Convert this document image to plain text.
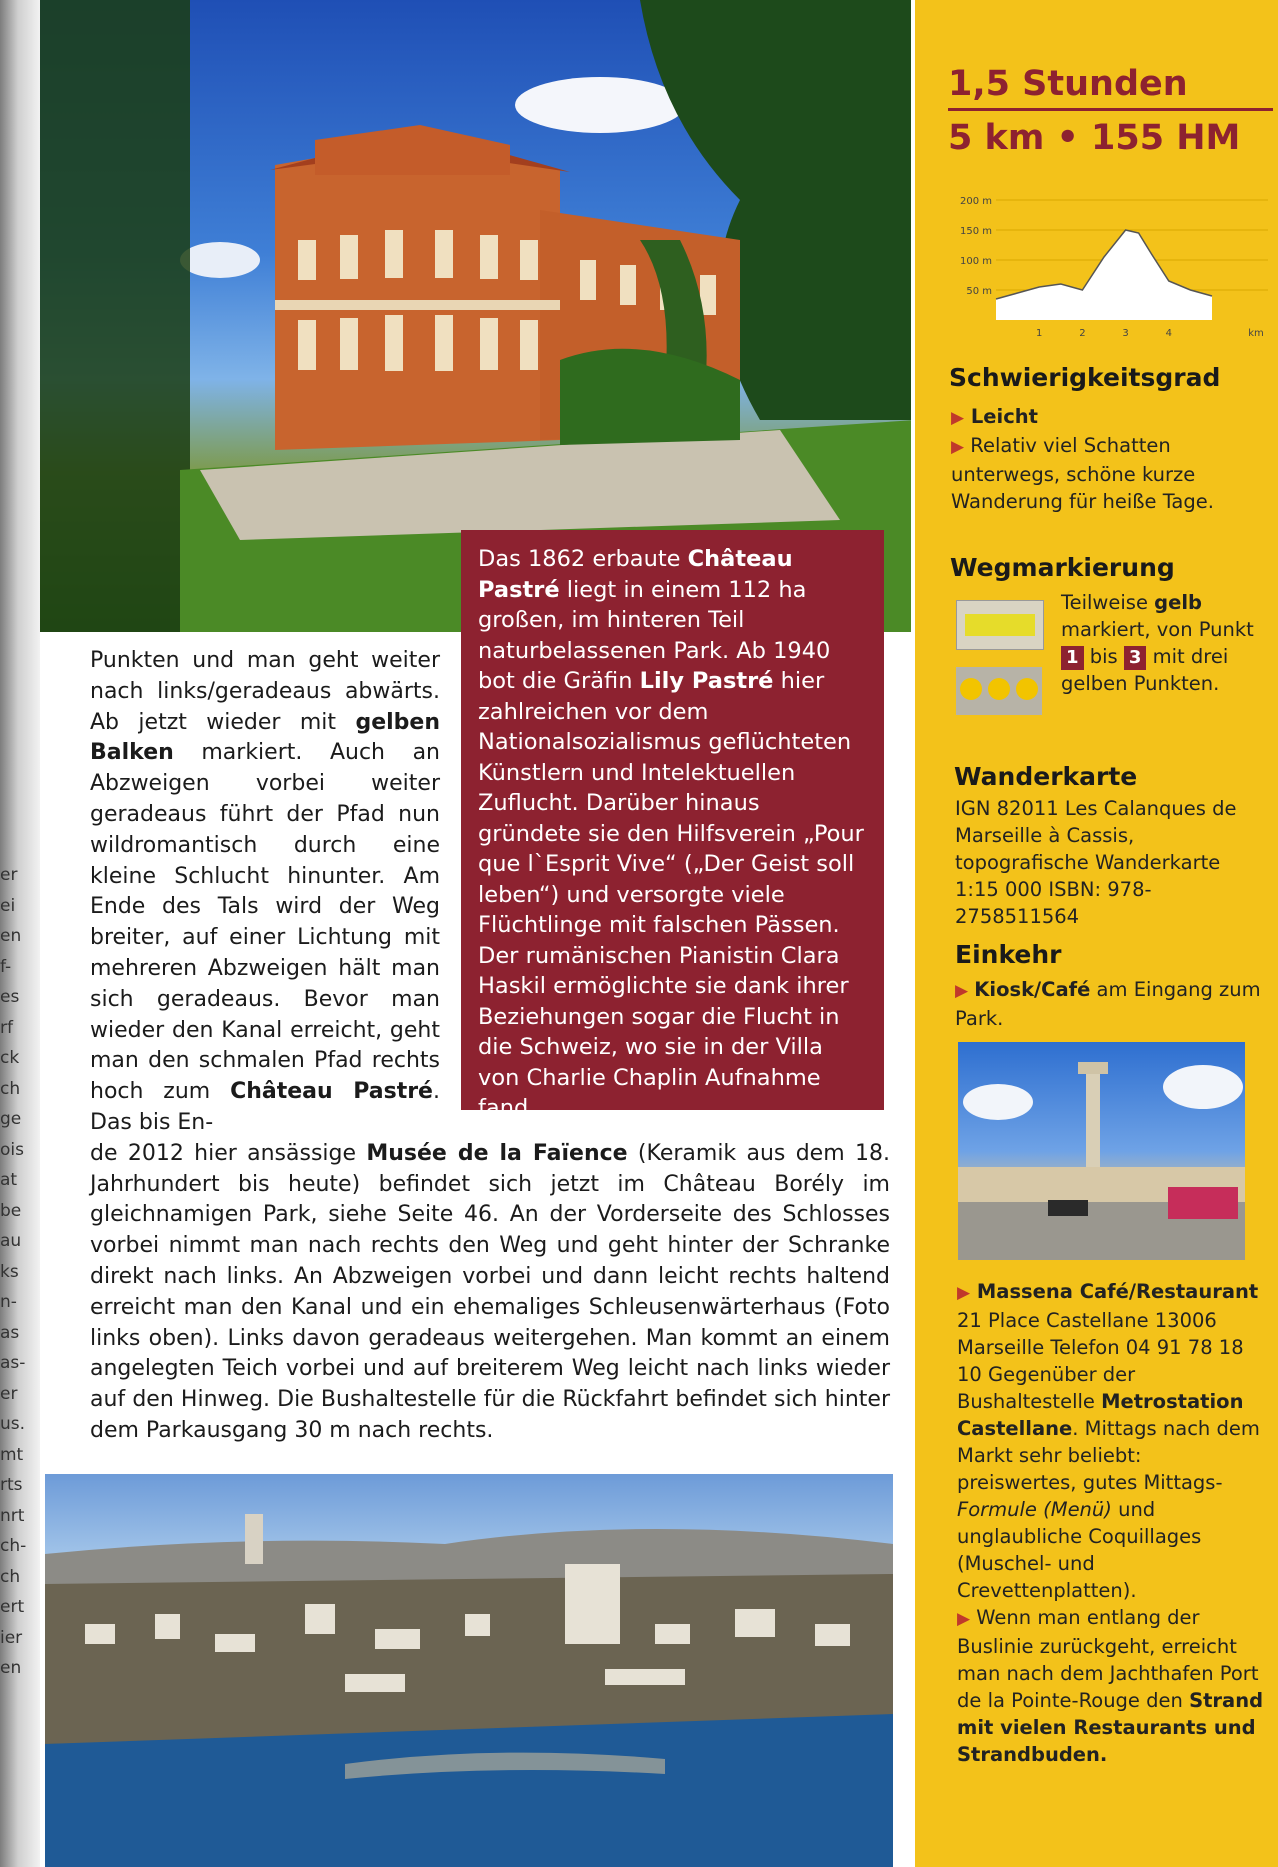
er
ei
en
f-
es
rf
ck
ch
ge
ois
at
be
au
ks
n-
as
as-
er
us.
mt
rts
nrt
ch-
ch
ert
ier
en
1,5 Stunden
5 km • 155 HM
200 m
150 m
100 m
50 m
1	2	3	4	km
Schwierigkeitsgrad
▶ Leicht
▶ Relativ viel Schatten unterwegs, schöne kurze Wanderung für heiße Tage.
Wegmarkierung
Teilweise gelb markiert, von Punkt 1 bis 3 mit drei gelben Punkten.
Wanderkarte
IGN 82011 Les Calanques de Marseille à Cassis, topografische Wanderkarte 1:15 000 ISBN: 978-2758511564
Einkehr
▶ Kiosk/Café am Eingang zum Park.
▶ Massena Café/Restaurant
21 Place Castellane 13006 Marseille Telefon 04 91 78 18 10 Gegenüber der Bushaltestelle Metrostation Castellane. Mittags nach dem Markt sehr beliebt: preiswertes, gutes Mittags-Formule (Menü) und unglaubliche Coquillages (Muschel- und Crevettenplatten).
▶ Wenn man entlang der Buslinie zurückgeht, erreicht man nach dem Jachthafen Port de la Pointe-Rouge den Strand mit vielen Restaurants und Strandbuden.
Das 1862 erbaute Château Pastré liegt in einem 112 ha großen, im hinteren Teil naturbelassenen Park. Ab 1940 bot die Gräfin Lily Pastré hier zahlreichen vor dem Nationalsozialismus geflüchteten Künstlern und Intelektuellen Zuflucht. Darüber hinaus gründete sie den Hilfsverein „Pour que l`Esprit Vive“ („Der Geist soll leben“) und versorgte viele Flüchtlinge mit falschen Pässen. Der rumänischen Pianistin Clara Haskil ermöglichte sie dank ihrer Beziehungen sogar die Flucht in die Schweiz, wo sie in der Villa von Charlie Chaplin Aufnahme fand.

Punkten und man geht weiter nach links/geradeaus abwärts. Ab jetzt wieder mit gelben Balken markiert. Auch an Abzweigen vorbei weiter geradeaus führt der Pfad nun wildromantisch durch eine kleine Schlucht hinunter. Am Ende des Tals wird der Weg breiter, auf einer Lichtung mit mehreren Abzweigen hält man sich geradeaus. Bevor man wieder den Kanal erreicht, geht man den schmalen Pfad rechts hoch zum Château Pastré. Das bis En-

de 2012 hier ansässige Musée de la Faïence (Keramik aus dem 18. Jahrhundert bis heute) befindet sich jetzt im Château Borély im gleichnamigen Park, siehe Seite 46. An der Vorderseite des Schlosses vorbei nimmt man nach rechts den Weg und geht hinter der Schranke direkt nach links. An Abzweigen vorbei und dann leicht rechts haltend erreicht man den Kanal und ein ehemaliges Schleusenwärterhaus (Foto links oben). Links davon geradeaus weitergehen. Man kommt an einem angelegten Teich vorbei und auf breiterem Weg leicht nach links wieder auf den Hinweg. Die Bushaltestelle für die Rückfahrt befindet sich hinter dem Parkausgang 30 m nach rechts.
